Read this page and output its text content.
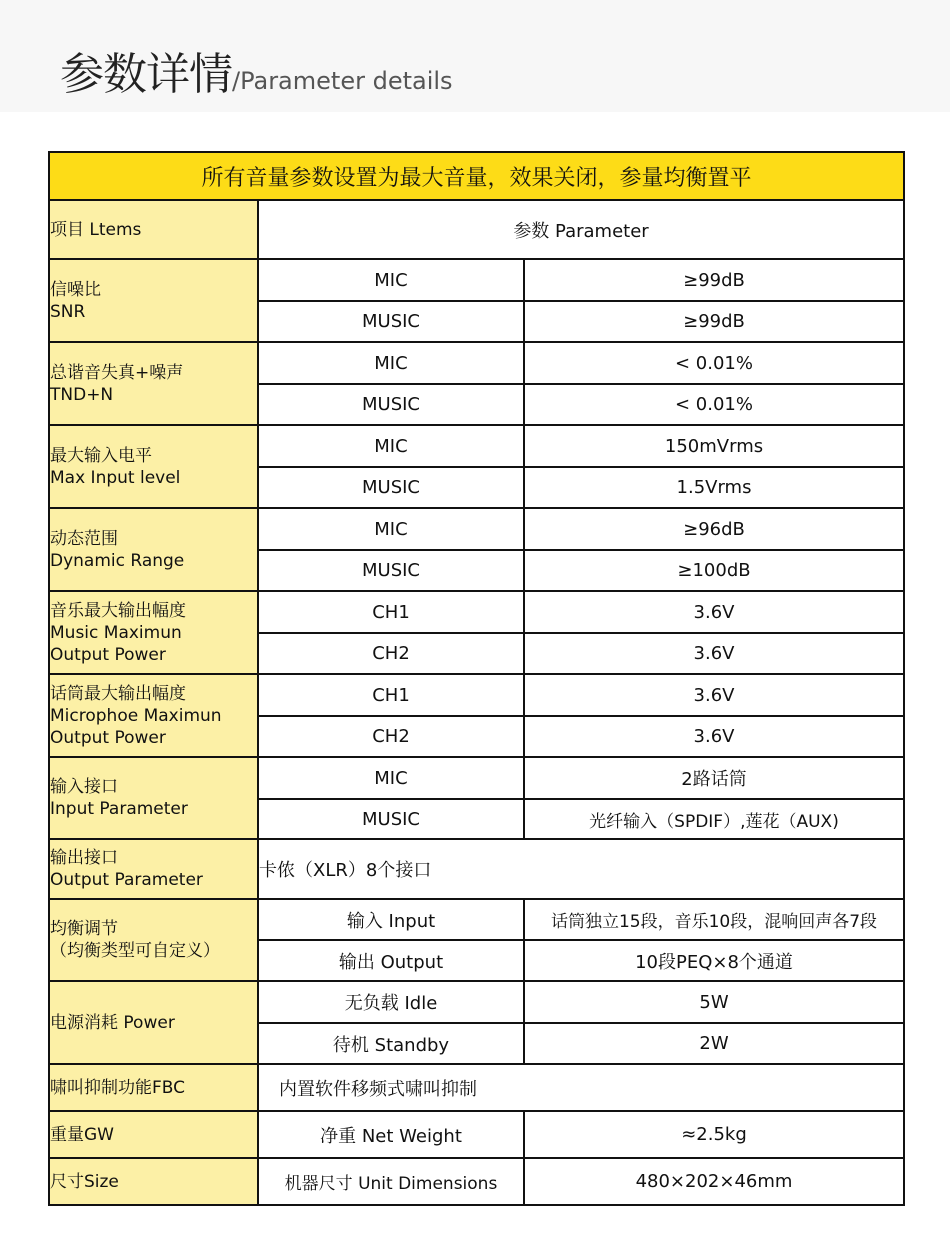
参数详情/Parameter details
所有音量参数设置为最大音量，效果关闭，参量均衡置平		
项目 Ltems	参数 Parameter	

信噪比
SNR	MIC	≥99dB
	MUSIC	≥99dB

总谐音失真+噪声
TND+N	MIC	< 0.01%
	MUSIC	< 0.01%

最大输入电平
Max Input level	MIC	150mVrms
	MUSIC	1.5Vrms

动态范围
Dynamic Range	MIC	≥96dB
	MUSIC	≥100dB

音乐最大输出幅度
Music Maximun
Output Power	CH1	3.6V
	CH2	3.6V

话筒最大输出幅度
Microphoe Maximun
Output Power	CH1	3.6V
	CH2	3.6V

输入接口
Input Parameter	MIC	2路话筒
	MUSIC	光纤输入（SPDIF）,莲花（AUX)

输出接口
Output Parameter	卡侬（XLR）8个接口	

均衡调节
（均衡类型可自定义）	输入 Input	话筒独立15段，音乐10段，混响回声各7段
	输出 Output	10段PEQ×8个通道

电源消耗 Power	无负载 Idle	5W
	待机 Standby	2W

啸叫抑制功能FBC	内置软件移频式啸叫抑制	

重量GW	净重 Net Weight	≈2.5kg

尺寸Size	机器尺寸 Unit Dimensions	480×202×46mm
